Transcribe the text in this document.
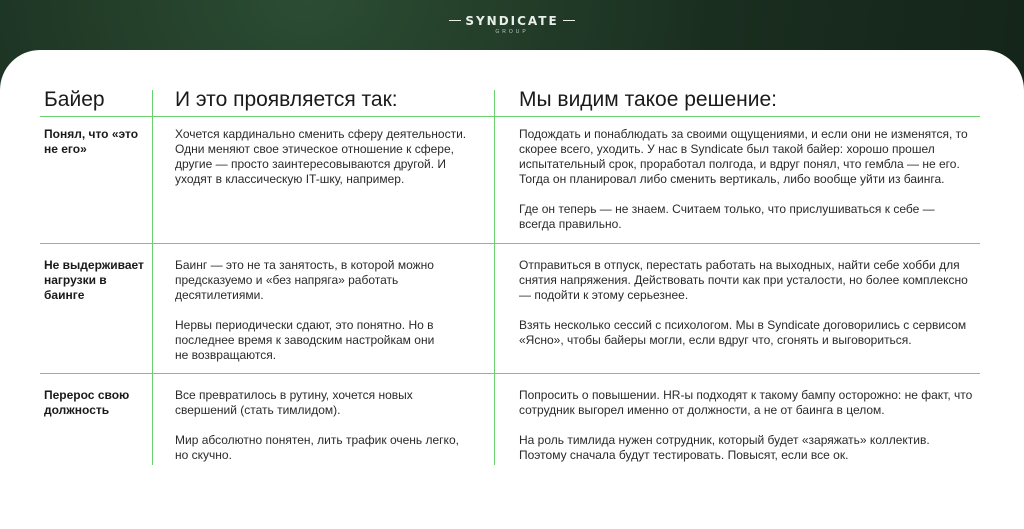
SYNDICATE
GROUP
Байер	И это проявляется так:	Мы видим такое решение:
Понял, что «это не его»

Хочется кардинально сменить сферу деятельности. Одни меняют свое этическое отношение к сфере, другие — просто заинтересовываются другой. И уходят в классическую IT-шку, например.

Подождать и понаблюдать за своими ощущениями, и если они не изменятся, то скорее всего, уходить. У нас в Syndicate был такой байер: хорошо прошел испытательный срок, проработал полгода, и вдруг понял, что гембла — не его. Тогда он планировал либо сменить вертикаль, либо вообще уйти из баинга.

Где он теперь — не знаем. Считаем только, что прислушиваться к себе — всегда правильно.

Не выдерживает нагрузки в баинге

Баинг — это не та занятость, в которой можно предсказуемо и «без напряга» работать десятилетиями.

Нервы периодически сдают, это понятно. Но в последнее время к заводским настройкам они не возвращаются.

Отправиться в отпуск, перестать работать на выходных, найти себе хобби для снятия напряжения. Действовать почти как при усталости, но более комплексно — подойти к этому серьезнее.

Взять несколько сессий с психологом. Мы в Syndicate договорились с сервисом «Ясно», чтобы байеры могли, если вдруг что, сгонять и выговориться.

Перерос свою должность

Все превратилось в рутину, хочется новых свершений (стать тимлидом).

Мир абсолютно понятен, лить трафик очень легко, но скучно.

Попросить о повышении. HR-ы подходят к такому бампу осторожно: не факт, что сотрудник выгорел именно от должности, а не от баинга в целом.

На роль тимлида нужен сотрудник, который будет «заряжать» коллектив. Поэтому сначала будут тестировать. Повысят, если все ок.
